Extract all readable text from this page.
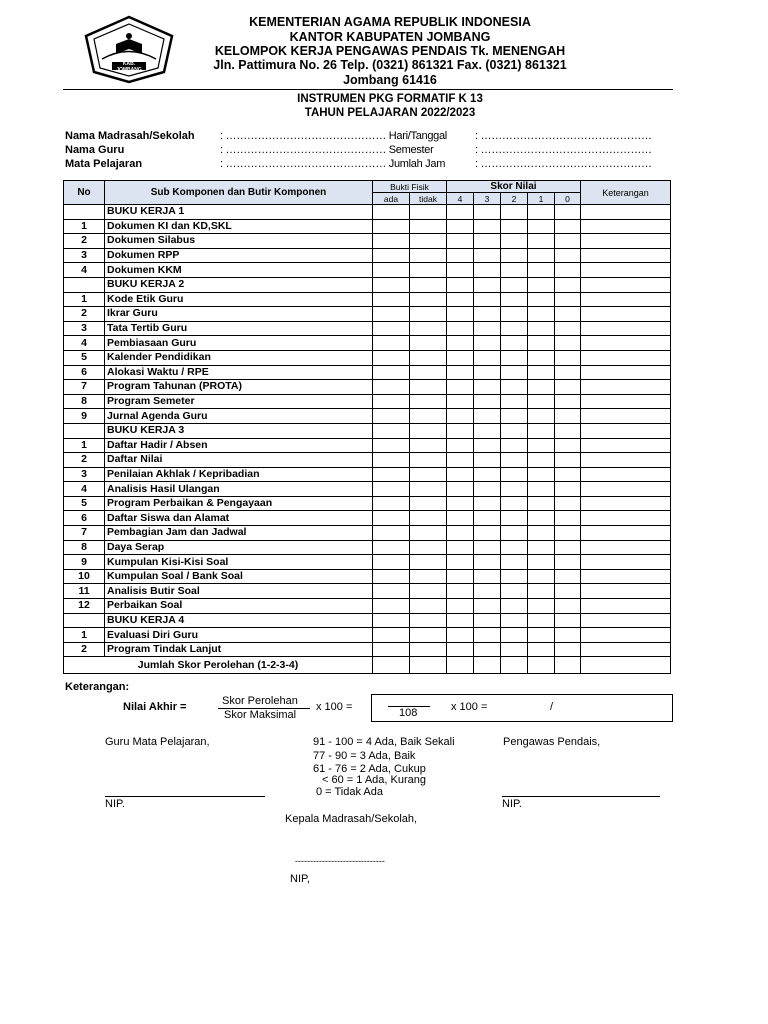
KAB. JOMBANG
KEMENTERIAN AGAMA REPUBLIK INDONESIA
KANTOR KABUPATEN JOMBANG
KELOMPOK KERJA PENGAWAS PENDAIS Tk. MENENGAH
Jln. Pattimura No. 26 Telp. (0321) 861321 Fax. (0321) 861321
Jombang 61416
INSTRUMEN PKG FORMATIF K 13
TAHUN PELAJARAN 2022/2023
Nama Madrasah/Sekolah : ……………………………………… Hari/Tanggal	: …………………………………………
Nama Guru	: ……………………………………… Semester	: …………………………………………
Mata Pelajaran	: ……………………………………… Jumlah Jam	: …………………………………………
No	Sub Komponen dan Butir Komponen	Bukti Fisik		Skor Nilai					Keterangan
		ada	tidak	4	3	2	1	0	
	BUKU KERJA 1								
1	Dokumen KI dan KD,SKL								
2	Dokumen Silabus								
3	Dokumen RPP								
4	Dokumen KKM								
	BUKU KERJA 2								
1	Kode Etik Guru								
2	Ikrar Guru								
3	Tata Tertib Guru								
4	Pembiasaan Guru								
5	Kalender Pendidikan								
6	Alokasi Waktu / RPE								
7	Program Tahunan (PROTA)								
8	Program Semeter								
9	Jurnal Agenda Guru								
	BUKU KERJA 3								
1	Daftar Hadir / Absen								
2	Daftar Nilai								
3	Penilaian Akhlak / Kepribadian								
4	Analisis Hasil Ulangan								
5	Program Perbaikan & Pengayaan								
6	Daftar Siswa dan Alamat								
7	Pembagian Jam dan Jadwal								
8	Daya Serap								
9	Kumpulan Kisi-Kisi Soal								
10	Kumpulan Soal / Bank Soal								
11	Analisis Butir Soal								
12	Perbaikan Soal								
	BUKU KERJA 4								
1	Evaluasi Diri Guru								
2	Program Tindak Lanjut								
Jumlah Skor Perolehan (1-2-3-4)									
Keterangan:
Nilai Akhir =	Skor Perolehan
Skor Maksimal
x 100 =	108	x 100 =	/
Guru Mata Pelajaran,	91 - 100 = 4 Ada, Baik Sekali
77 - 90 = 3 Ada, Baik
61 - 76 = 2 Ada, Cukup
< 60 = 1 Ada, Kurang
0 = Tidak Ada
Pengawas Pendais,
NIP.	NIP.
Kepala Madrasah/Sekolah,
------------------------------
NIP,
